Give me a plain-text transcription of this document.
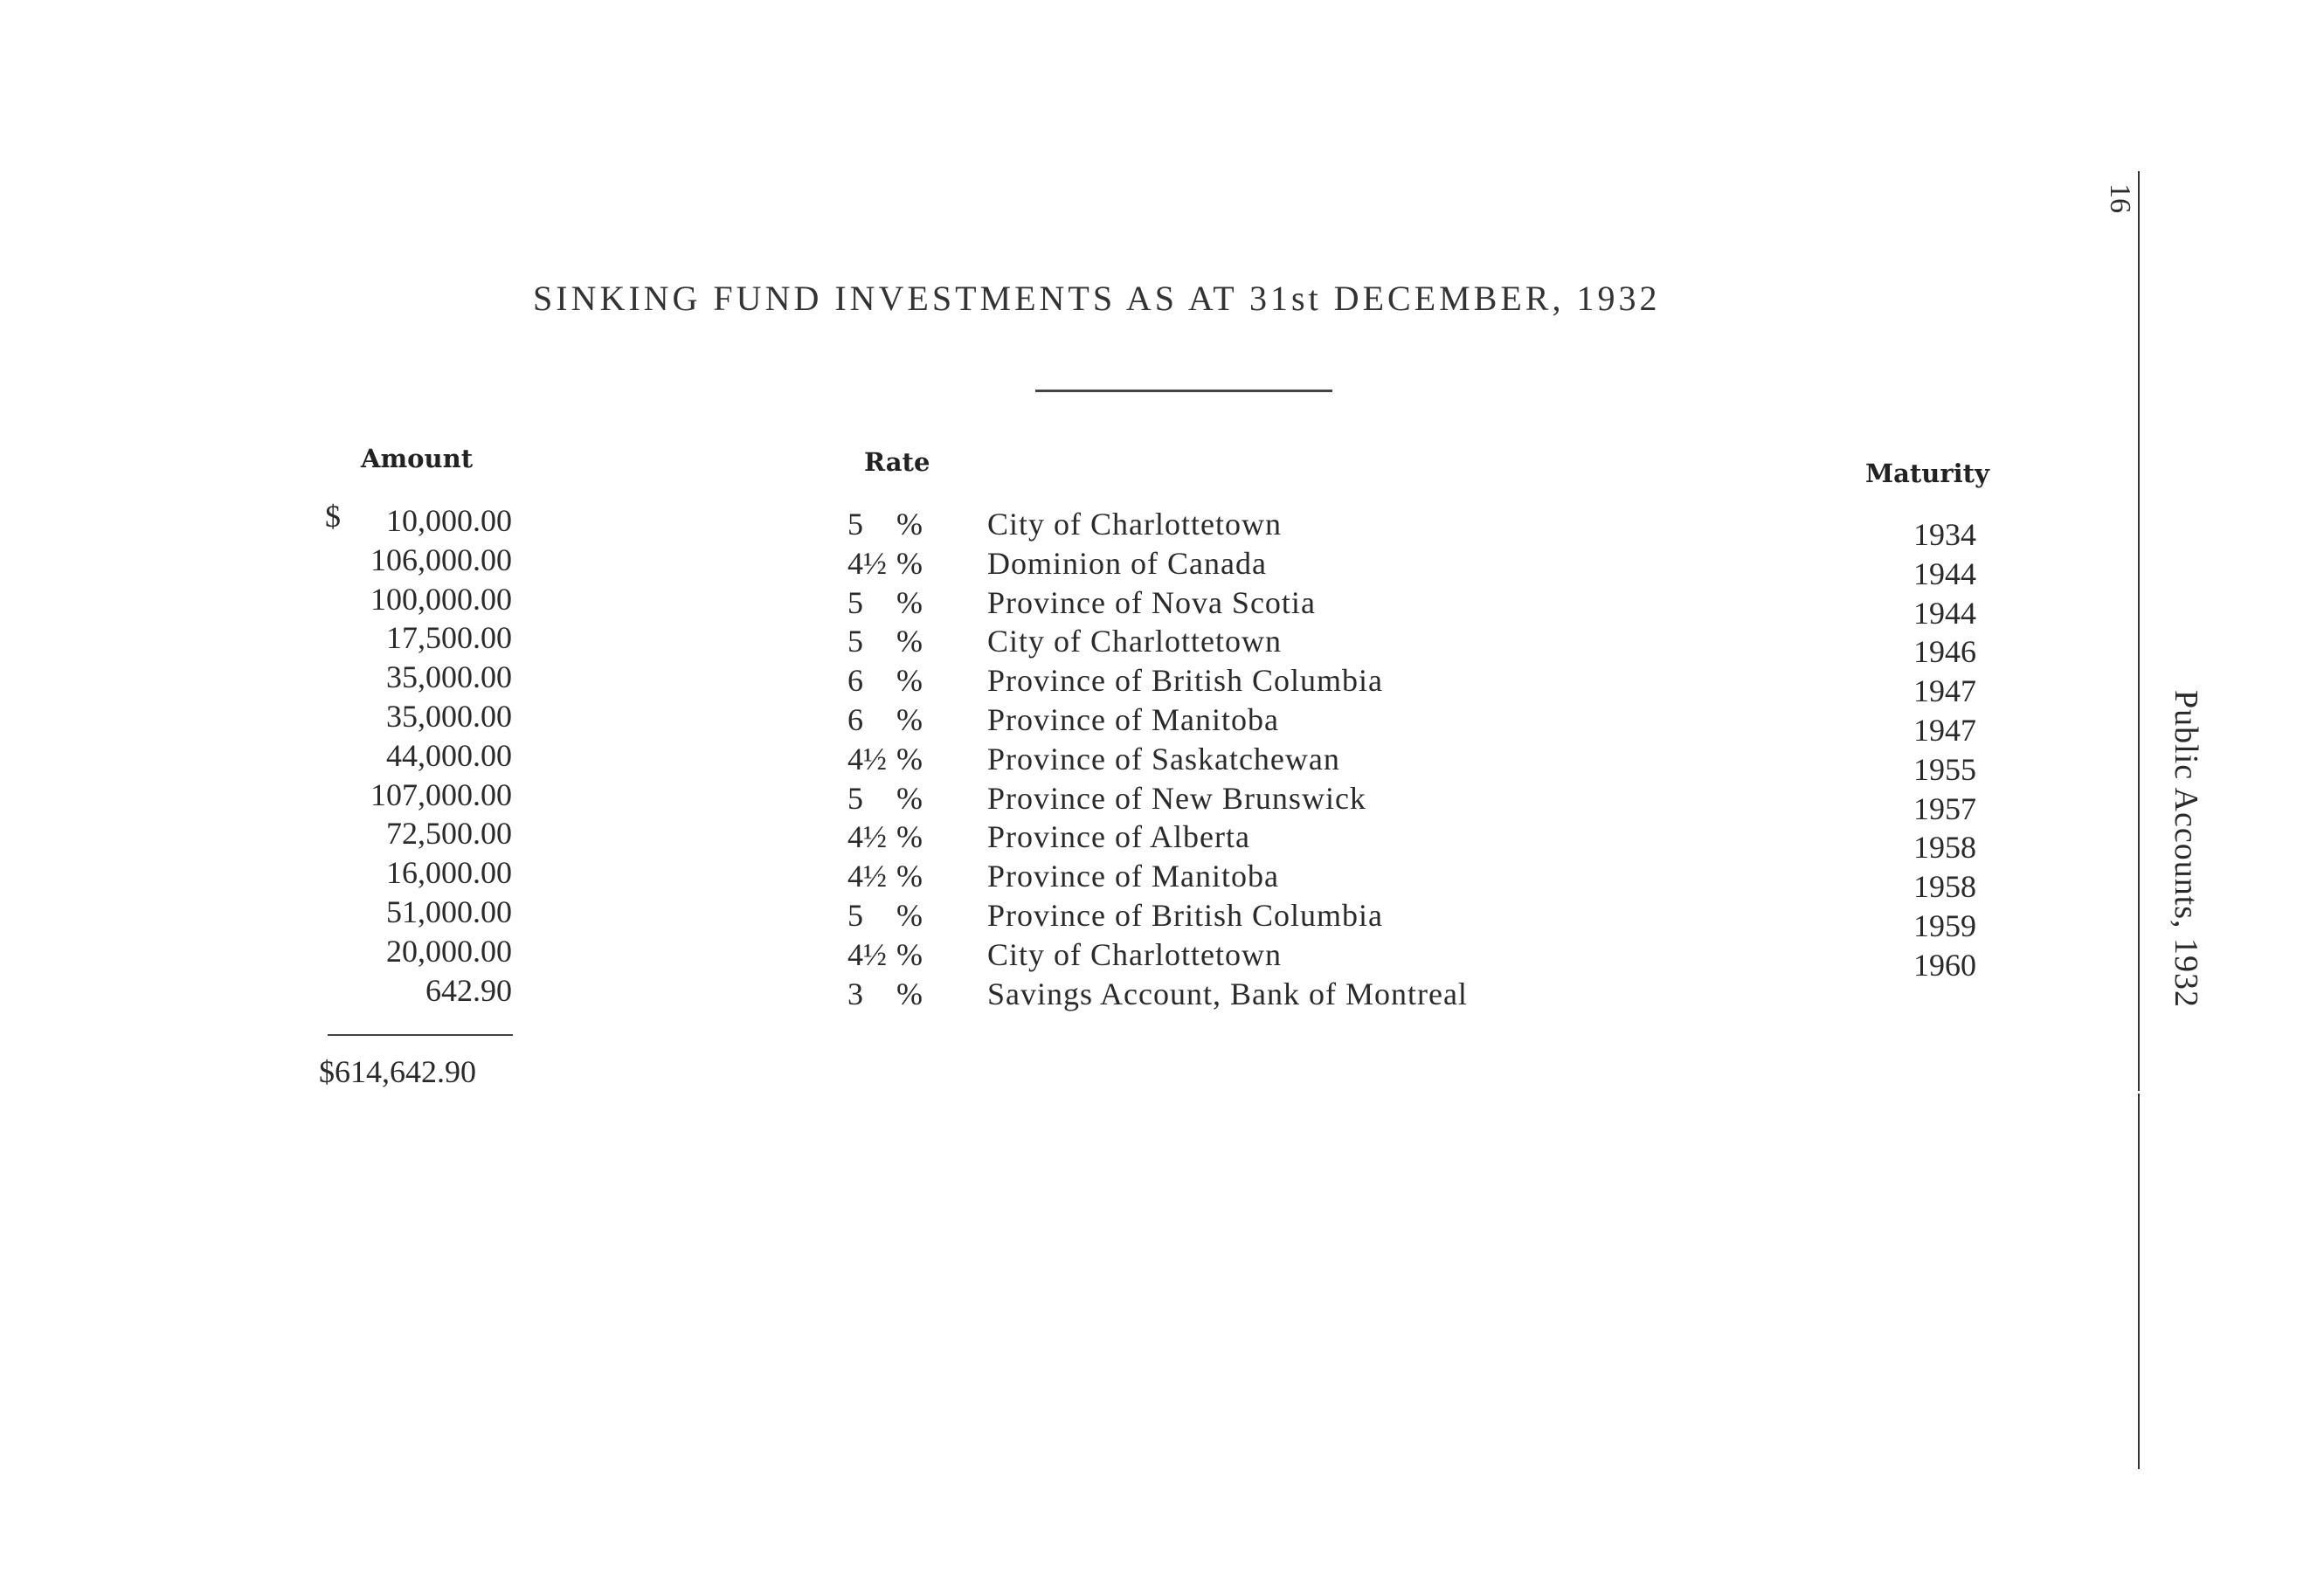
SINKING FUND INVESTMENTS AS AT 31st DECEMBER, 1932
Amount	Rate	Maturity
$ 10,000.00
106,000.00
100,000.00
17,500.00
35,000.00
35,000.00
44,000.00
107,000.00
72,500.00
16,000.00
51,000.00
20,000.00
642.90
5 %
4½ %
5 %
5 %
6 %
6 %
4½ %
5 %
4½ %
4½ %
5 %
4½ %
3 %
City of Charlottetown
Dominion of Canada
Province of Nova Scotia
City of Charlottetown
Province of British Columbia
Province of Manitoba
Province of Saskatchewan
Province of New Brunswick
Province of Alberta
Province of Manitoba
Province of British Columbia
City of Charlottetown
Savings Account, Bank of Montreal
1934
1944
1944
1946
1947
1947
1955
1957
1958
1958
1959
1960
$614,642.90
16
Public Accounts, 1932
